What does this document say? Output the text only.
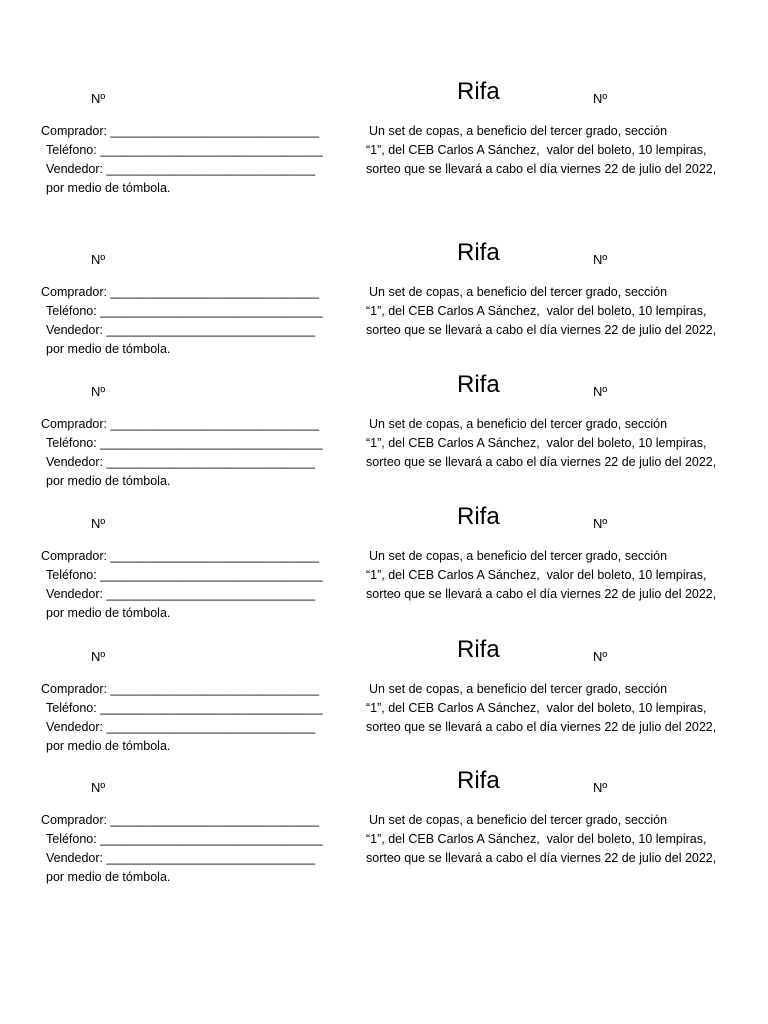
Nº	Rifa	Nº
Comprador: ______________________________
Teléfono: ________________________________
Vendedor: ______________________________
por medio de tómbola.
Un set de copas, a beneficio del tercer grado, sección
“1”, del CEB Carlos A Sánchez,  valor del boleto, 10 lempiras,
sorteo que se llevará a cabo el día viernes 22 de julio del 2022,
Nº	Rifa	Nº
Comprador: ______________________________
Teléfono: ________________________________
Vendedor: ______________________________
por medio de tómbola.
Un set de copas, a beneficio del tercer grado, sección
“1”, del CEB Carlos A Sánchez,  valor del boleto, 10 lempiras,
sorteo que se llevará a cabo el día viernes 22 de julio del 2022,
Nº	Rifa	Nº
Comprador: ______________________________
Teléfono: ________________________________
Vendedor: ______________________________
por medio de tómbola.
Un set de copas, a beneficio del tercer grado, sección
“1”, del CEB Carlos A Sánchez,  valor del boleto, 10 lempiras,
sorteo que se llevará a cabo el día viernes 22 de julio del 2022,
Nº	Rifa	Nº
Comprador: ______________________________
Teléfono: ________________________________
Vendedor: ______________________________
por medio de tómbola.
Un set de copas, a beneficio del tercer grado, sección
“1”, del CEB Carlos A Sánchez,  valor del boleto, 10 lempiras,
sorteo que se llevará a cabo el día viernes 22 de julio del 2022,
Nº	Rifa	Nº
Comprador: ______________________________
Teléfono: ________________________________
Vendedor: ______________________________
por medio de tómbola.
Un set de copas, a beneficio del tercer grado, sección
“1”, del CEB Carlos A Sánchez,  valor del boleto, 10 lempiras,
sorteo que se llevará a cabo el día viernes 22 de julio del 2022,
Nº	Rifa	Nº
Comprador: ______________________________
Teléfono: ________________________________
Vendedor: ______________________________
por medio de tómbola.
Un set de copas, a beneficio del tercer grado, sección
“1”, del CEB Carlos A Sánchez,  valor del boleto, 10 lempiras,
sorteo que se llevará a cabo el día viernes 22 de julio del 2022,
